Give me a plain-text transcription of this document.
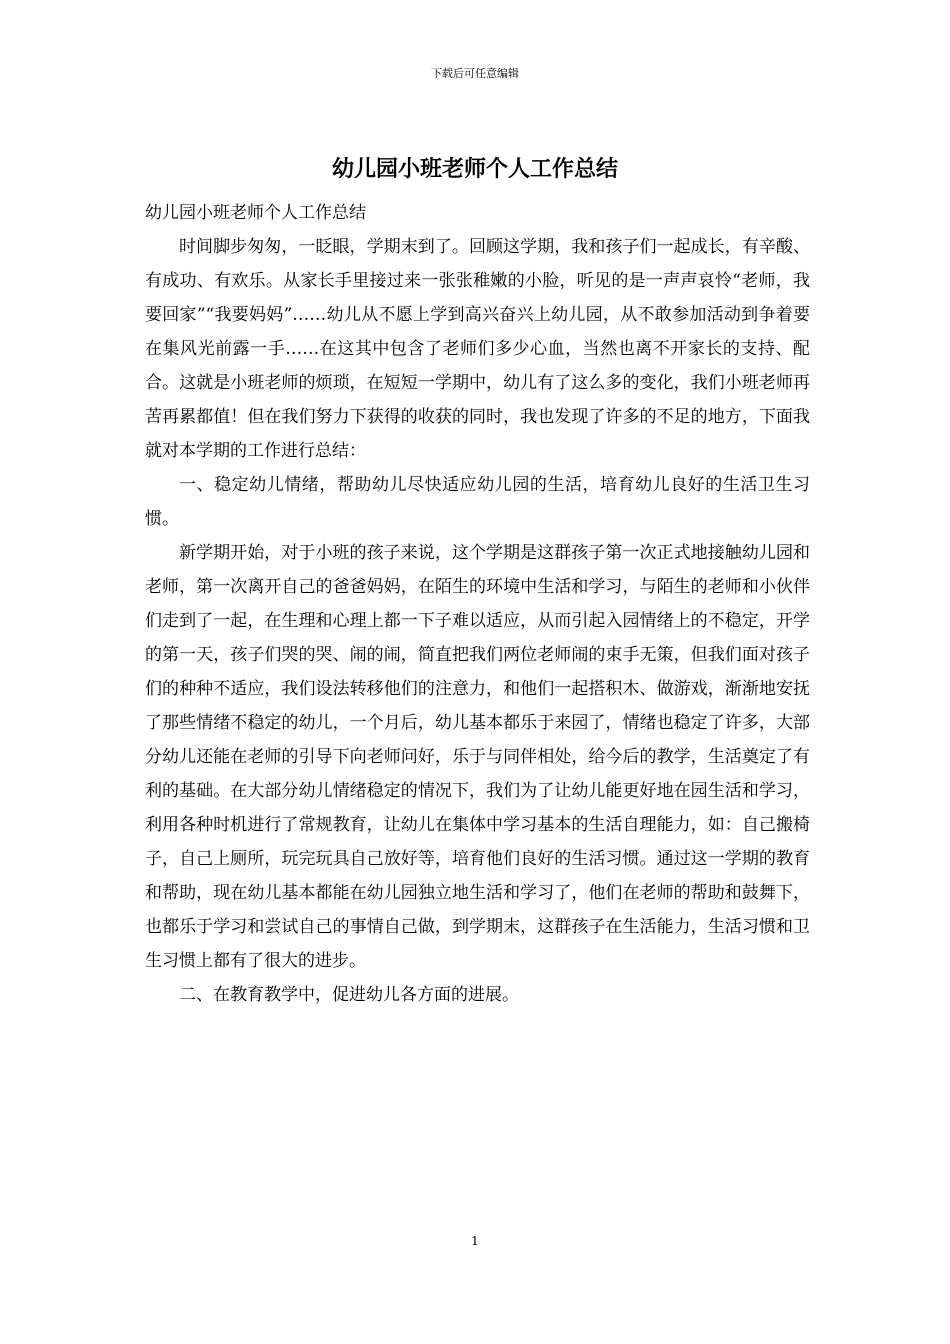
下载后可任意编辑
幼儿园小班老师个人工作总结

幼儿园小班老师个人工作总结

时间脚步匆匆，一眨眼，学期末到了。回顾这学期，我和孩子们一起成长，有辛酸、有成功、有欢乐。从家长手里接过来一张张稚嫩的小脸，听见的是一声声哀怜“老师，我要回家”“我要妈妈”……幼儿从不愿上学到高兴奋兴上幼儿园，从不敢参加活动到争着要在集风光前露一手……在这其中包含了老师们多少心血，当然也离不开家长的支持、配合。这就是小班老师的烦琐，在短短一学期中，幼儿有了这么多的变化，我们小班老师再苦再累都值！但在我们努力下获得的收获的同时，我也发现了许多的不足的地方，下面我就对本学期的工作进行总结：

一、稳定幼儿情绪，帮助幼儿尽快适应幼儿园的生活，培育幼儿良好的生活卫生习惯。

新学期开始，对于小班的孩子来说，这个学期是这群孩子第一次正式地接触幼儿园和老师，第一次离开自己的爸爸妈妈，在陌生的环境中生活和学习，与陌生的老师和小伙伴们走到了一起，在生理和心理上都一下子难以适应，从而引起入园情绪上的不稳定，开学的第一天，孩子们哭的哭、闹的闹，简直把我们两位老师闹的束手无策，但我们面对孩子们的种种不适应，我们设法转移他们的注意力，和他们一起搭积木、做游戏，渐渐地安抚了那些情绪不稳定的幼儿，一个月后，幼儿基本都乐于来园了，情绪也稳定了许多，大部分幼儿还能在老师的引导下向老师问好，乐于与同伴相处，给今后的教学，生活奠定了有利的基础。在大部分幼儿情绪稳定的情况下，我们为了让幼儿能更好地在园生活和学习，利用各种时机进行了常规教育，让幼儿在集体中学习基本的生活自理能力，如：自己搬椅子，自己上厕所，玩完玩具自己放好等，培育他们良好的生活习惯。通过这一学期的教育和帮助，现在幼儿基本都能在幼儿园独立地生活和学习了，他们在老师的帮助和鼓舞下，也都乐于学习和尝试自己的事情自己做，到学期末，这群孩子在生活能力，生活习惯和卫生习惯上都有了很大的进步。

二、在教育教学中，促进幼儿各方面的进展。

1
